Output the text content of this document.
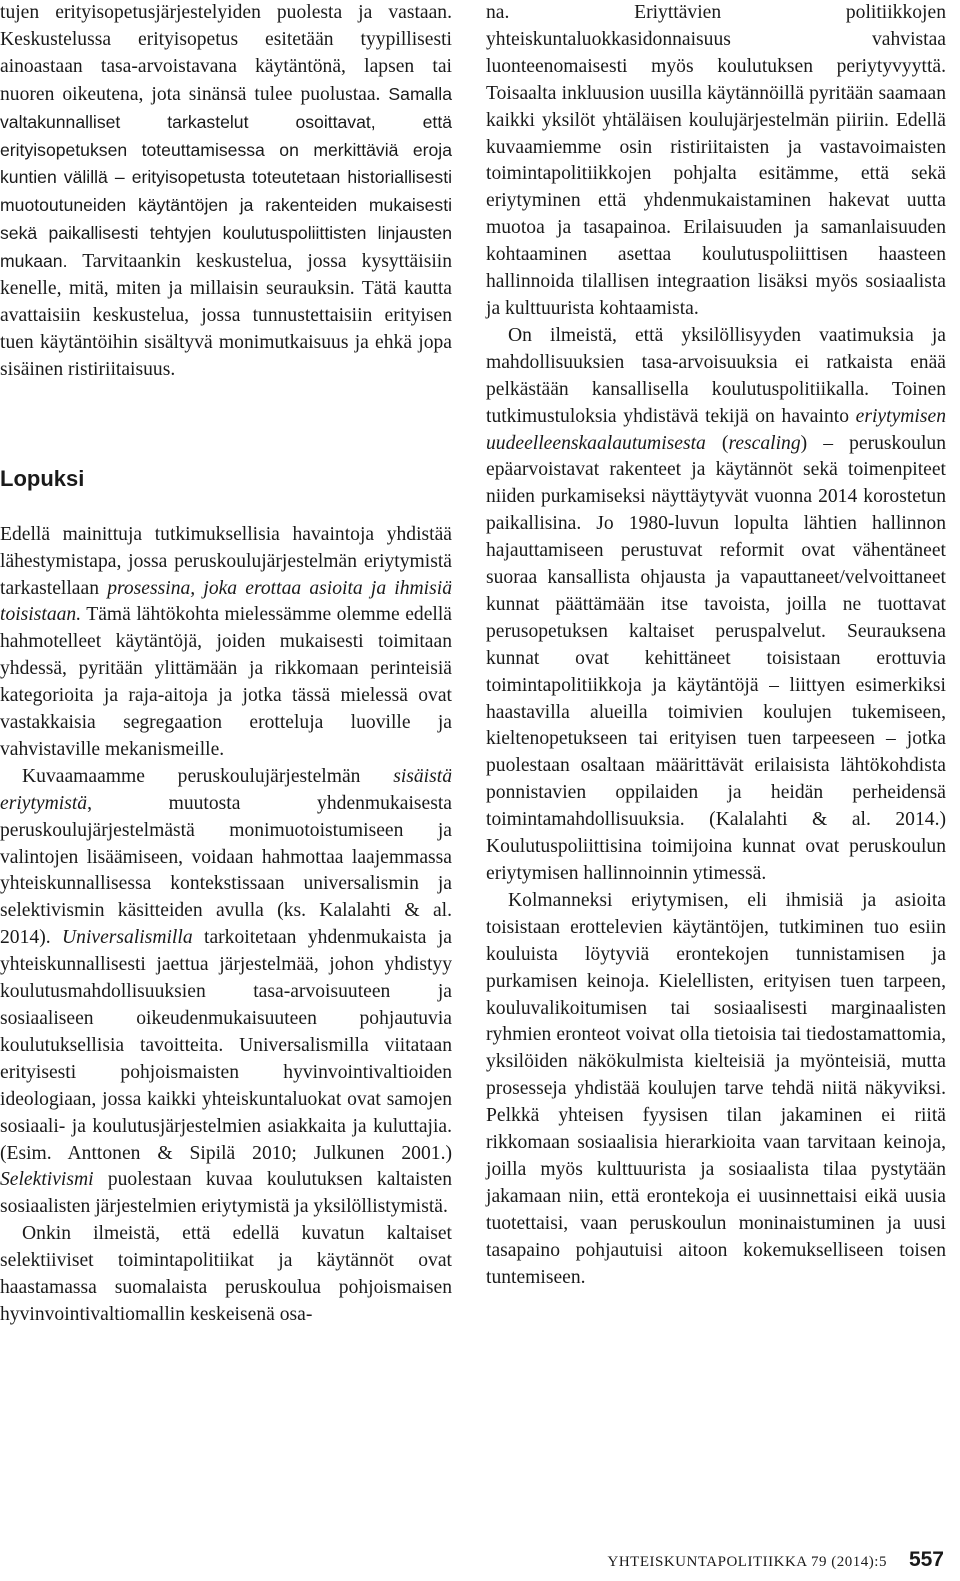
tujen erityisopetusjärjestelyiden puolesta ja vastaan. Keskustelussa erityisopetus esitetään tyypillisesti ainoastaan tasa-arvoistavana käytäntönä, lapsen tai nuoren oikeutena, jota sinänsä tulee puolustaa. Samalla valtakunnalliset tarkastelut osoittavat, että erityisopetuksen toteuttamisessa on merkittäviä eroja kuntien välillä – erityisopetusta toteutetaan historiallisesti muotoutuneiden käytäntöjen ja rakenteiden mukaisesti sekä paikallisesti tehtyjen koulutuspoliittisten linjausten mukaan. Tarvitaankin keskustelua, jossa kysyttäisiin kenelle, mitä, miten ja millaisin seurauksin. Tätä kautta avattaisiin keskustelua, jossa tunnustettaisiin erityisen tuen käytäntöihin sisältyvä monimutkaisuus ja ehkä jopa sisäinen ristiriitaisuus.

Lopuksi

Edellä mainittuja tutkimuksellisia havaintoja yhdistää lähestymistapa, jossa peruskoulujärjestelmän eriytymistä tarkastellaan prosessina, joka erottaa asioita ja ihmisiä toisistaan. Tämä lähtökohta mielessämme olemme edellä hahmotelleet käytäntöjä, joiden mukaisesti toimitaan yhdessä, pyritään ylittämään ja rikkomaan perinteisiä kategorioita ja raja-aitoja ja jotka tässä mielessä ovat vastakkaisia segregaation erotteluja luoville ja vahvistaville mekanismeille.

Kuvaamaamme peruskoulujärjestelmän sisäistä eriytymistä, muutosta yhdenmukaisesta peruskoulujärjestelmästä monimuotoistumiseen ja valintojen lisäämiseen, voidaan hahmottaa laajemmassa yhteiskunnallisessa kontekstissaan universalismin ja selektivismin käsitteiden avulla (ks. Kalalahti & al. 2014). Universalismilla tarkoitetaan yhdenmukaista ja yhteiskunnallisesti jaettua järjestelmää, johon yhdistyy koulutusmahdollisuuksien tasa-arvoisuuteen ja sosiaaliseen oikeudenmukaisuuteen pohjautuvia koulutuksellisia tavoitteita. Universalismilla viitataan erityisesti pohjoismaisten hyvinvointivaltioiden ideologiaan, jossa kaikki yhteiskuntaluokat ovat samojen sosiaali- ja koulutusjärjestelmien asiakkaita ja kuluttajia. (Esim. Anttonen & Sipilä 2010; Julkunen 2001.) Selektivismi puolestaan kuvaa koulutuksen kaltaisten sosiaalisten järjestelmien eriytymistä ja yksilöllistymistä.

Onkin ilmeistä, että edellä kuvatun kaltaiset selektiiviset toimintapolitiikat ja käytännöt ovat haastamassa suomalaista peruskoulua pohjoismaisen hyvinvointivaltiomallin keskeisenä osa-

na. Eriyttävien politiikkojen yhteiskuntaluokkasidonnaisuus vahvistaa luonteenomaisesti myös koulutuksen periytyvyyttä. Toisaalta inkluusion uusilla käytännöillä pyritään saamaan kaikki yksilöt yhtäläisen koulujärjestelmän piiriin. Edellä kuvaamiemme osin ristiriitaisten ja vastavoimaisten toimintapolitiikkojen pohjalta esitämme, että sekä eriytyminen että yhdenmukaistaminen hakevat uutta muotoa ja tasapainoa. Erilaisuuden ja samanlaisuuden kohtaaminen asettaa koulutuspoliittisen haasteen hallinnoida tilallisen integraation lisäksi myös sosiaalista ja kulttuurista kohtaamista.

On ilmeistä, että yksilöllisyyden vaatimuksia ja mahdollisuuksien tasa-arvoisuuksia ei ratkaista enää pelkästään kansallisella koulutuspolitiikalla. Toinen tutkimustuloksia yhdistävä tekijä on havainto eriytymisen uudeelleenskaalautumisesta (rescaling) – peruskoulun epäarvoistavat rakenteet ja käytännöt sekä toimenpiteet niiden purkamiseksi näyttäytyvät vuonna 2014 korostetun paikallisina. Jo 1980-luvun lopulta lähtien hallinnon hajauttamiseen perustuvat reformit ovat vähentäneet suoraa kansallista ohjausta ja vapauttaneet/velvoittaneet kunnat päättämään itse tavoista, joilla ne tuottavat perusopetuksen kaltaiset peruspalvelut. Seurauksena kunnat ovat kehittäneet toisistaan erottuvia toimintapolitiikkoja ja käytäntöjä – liittyen esimerkiksi haastavilla alueilla toimivien koulujen tukemiseen, kieltenopetukseen tai erityisen tuen tarpeeseen – jotka puolestaan osaltaan määrittävät erilaisista lähtökohdista ponnistavien oppilaiden ja heidän perheidensä toimintamahdollisuuksia. (Kalalahti & al. 2014.) Koulutuspoliittisina toimijoina kunnat ovat peruskoulun eriytymisen hallinnoinnin ytimessä.

Kolmanneksi eriytymisen, eli ihmisiä ja asioita toisistaan erottelevien käytäntöjen, tutkiminen tuo esiin kouluista löytyviä erontekojen tunnistamisen ja purkamisen keinoja. Kielellisten, erityisen tuen tarpeen, kouluvalikoitumisen tai sosiaalisesti marginaalisten ryhmien eronteot voivat olla tietoisia tai tiedostamattomia, yksilöiden näkökulmista kielteisiä ja myönteisiä, mutta prosesseja yhdistää koulujen tarve tehdä niitä näkyviksi. Pelkkä yhteisen fyysisen tilan jakaminen ei riitä rikkomaan sosiaalisia hierarkioita vaan tarvitaan keinoja, joilla myös kulttuurista ja sosiaalista tilaa pystytään jakamaan niin, että erontekoja ei uusinnettaisi eikä uusia tuotettaisi, vaan peruskoulun moninaistuminen ja uusi tasapaino pohjautuisi aitoon kokemukselliseen toisen tuntemiseen.

YHTEISKUNTAPOLITIIKKA 79 (2014):5 557
